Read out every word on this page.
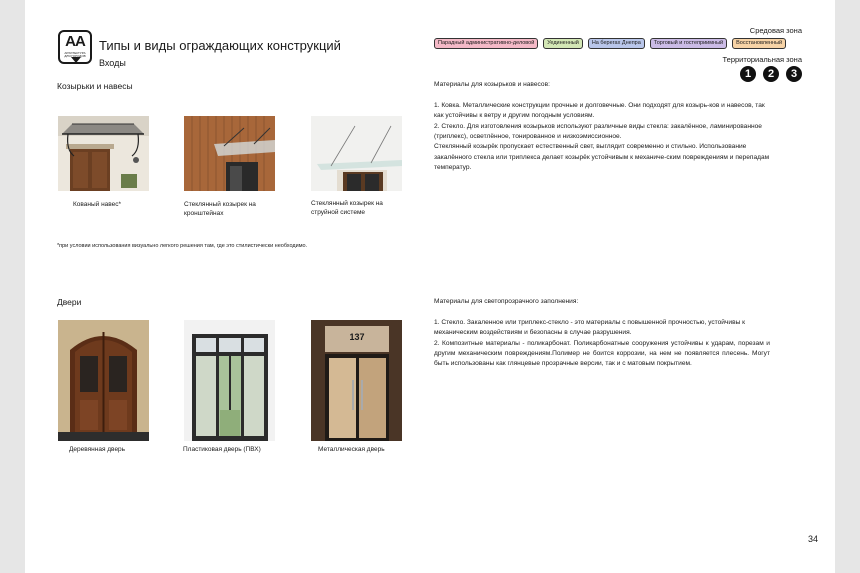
AA
АРХИТЕКТУРА ДЛЯ ГОРОДОВ
Типы и виды ограждающих конструкций
Входы
Средовая зона
Парадный административно-деловой	Уединенный	На берегах Днепра	Торговый и гостеприимный	Восстановленный
Территориальная зона
1	2	3
Козырьки и навесы
Кованый навес*	Стеклянный козырек на кронштейнах
Стеклянный козырек на струйной системе
*при условии использования визуально легкого решения там, где это стилистически необходимо.

Материалы для козырьков и навесов:

1. Ковка. Металлические конструкции прочные и долговечные. Они подходят для козырь-ков и навесов, так как устойчивы к ветру и другим погодным условиям.

2. Стекло. Для изготовления козырьков используют различные виды стекла: закалённое, ламинированное (триплекс), осветлённое, тонированное и низкоэмиссионное.

Стеклянный козырёк пропускает естественный свет, выглядит современно и стильно. Использование закалённого стекла или триплекса делает козырёк устойчивым к механиче-ским повреждениям и перепадам температур.

Двери
Деревянная дверь	Пластиковая дверь (ПВХ)
137
Металлическая дверь

Материалы для светопрозрачного заполнения:

1. Стекло. Закаленное или триплекс-стекло - это материалы с повышенной прочностью, устойчивы к механическим воздействиям и безопасны в случае разрушения.

2. Композитные материалы - поликарбонат. Поликарбонатные сооружения устойчивы к ударам, порезам и другим механическим повреждениям.Полимер не боится коррозии, на нем не появляется плесень. Могут быть использованы как глянцевые прозрачные версии, так и с матовым покрытием.

34
